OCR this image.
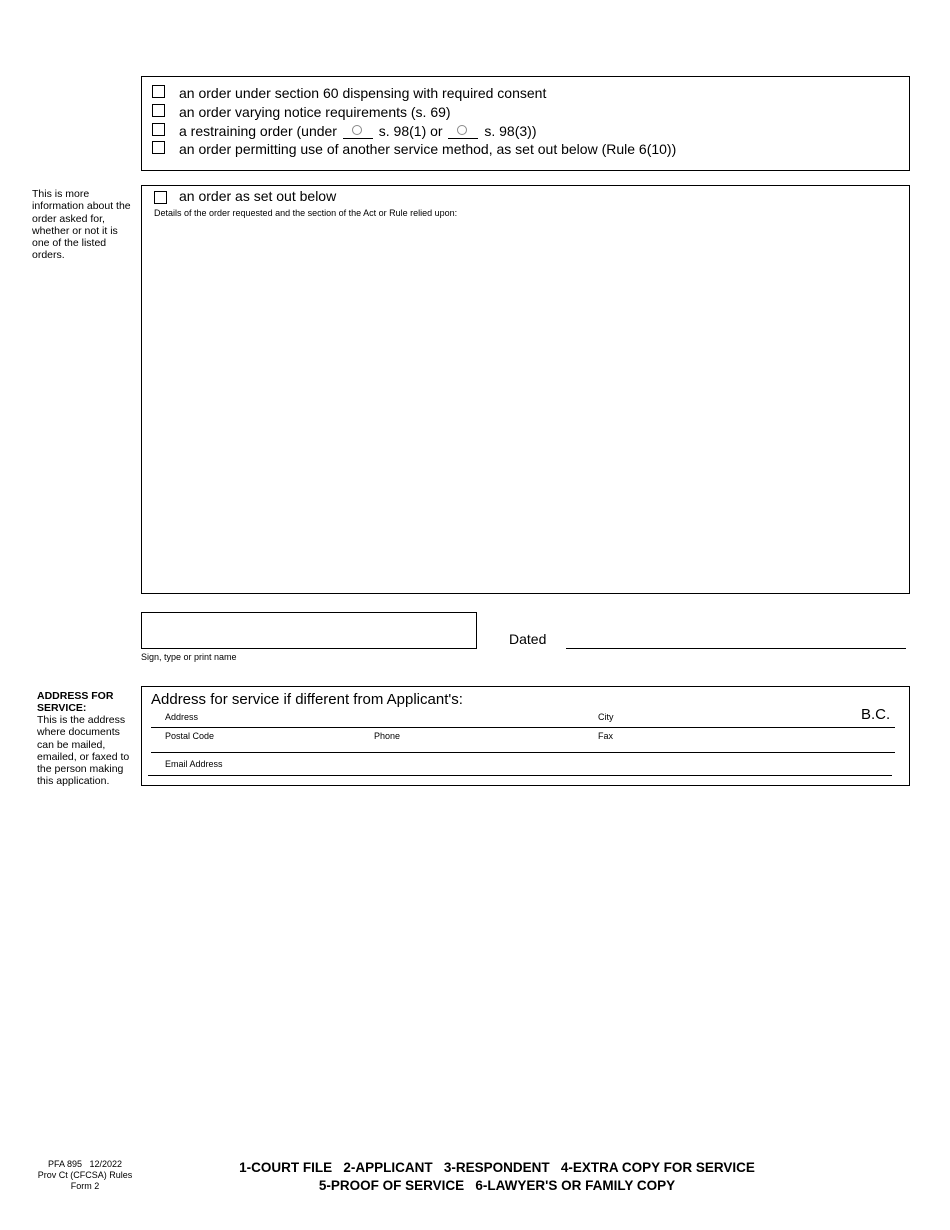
an order under section 60 dispensing with required consent
an order varying notice requirements (s. 69)
a restraining order (under	s. 98(1) or	s. 98(3))
an order permitting use of another service method, as set out below (Rule 6(10))
This is more information about the order asked for, whether or not it is one of the listed orders.
an order as set out below
Details of the order requested and the section of the Act or Rule relied upon:
Sign, type or print name
Dated
ADDRESS FOR SERVICE:
This is the address where documents can be mailed, emailed, or faxed to the person making this application.
Address for service if different from Applicant's:
Address	City	B.C.
Postal Code	Phone	Fax
Email Address
PFA 895   12/2022
Prov Ct (CFCSA) Rules
Form 2
1-COURT FILE   2-APPLICANT   3-RESPONDENT   4-EXTRA COPY FOR SERVICE
5-PROOF OF SERVICE   6-LAWYER'S OR FAMILY COPY
